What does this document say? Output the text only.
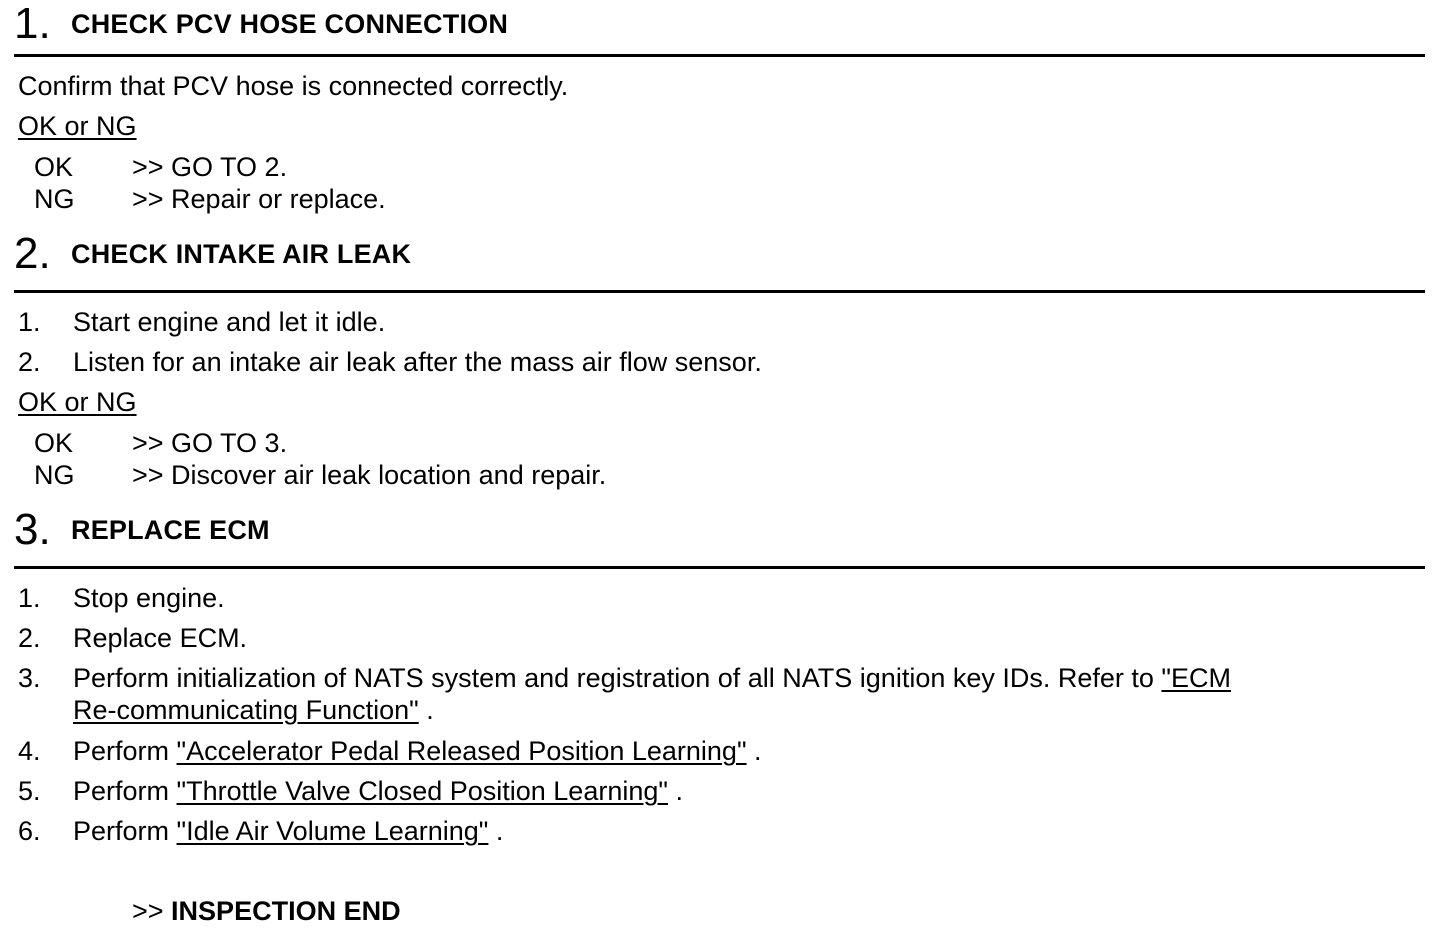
1. CHECK PCV HOSE CONNECTION
Confirm that PCV hose is connected correctly.
OK or NG
OK >> GO TO 2.
NG >> Repair or replace.
2. CHECK INTAKE AIR LEAK
1. Start engine and let it idle.
2. Listen for an intake air leak after the mass air flow sensor.
OK or NG
OK >> GO TO 3.
NG >> Discover air leak location and repair.
3. REPLACE ECM
1. Stop engine.
2. Replace ECM.
3. Perform initialization of NATS system and registration of all NATS ignition key IDs. Refer to "ECM
Re-communicating Function" .
4. Perform "Accelerator Pedal Released Position Learning" .
5. Perform "Throttle Valve Closed Position Learning" .
6. Perform "Idle Air Volume Learning" .
>> INSPECTION END
